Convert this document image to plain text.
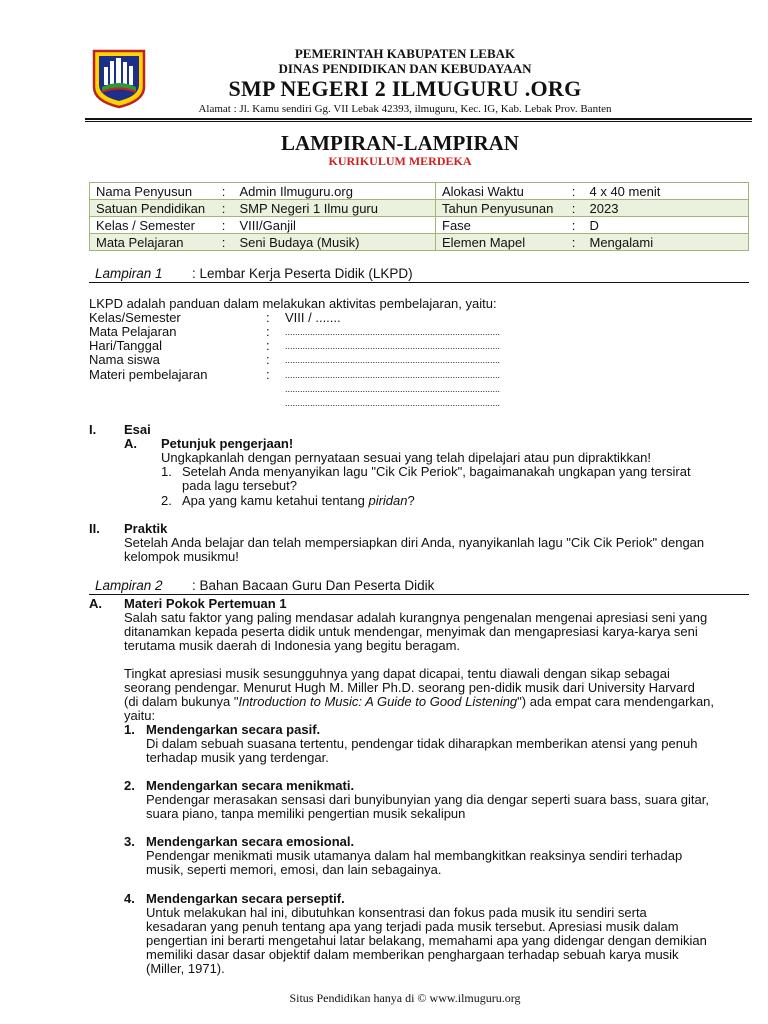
PEMERINTAH KABUPATEN LEBAK
DINAS PENDIDIKAN DAN KEBUDAYAAN
SMP NEGERI 2 ILMUGURU .ORG
Alamat : Jl. Kamu sendiri Gg. VII Lebak 42393, ilmuguru, Kec. IG, Kab. Lebak Prov. Banten
LAMPIRAN-LAMPIRAN
KURIKULUM MERDEKA
Nama Penyusun	:	Admin Ilmuguru.org	Alokasi Waktu	:	4 x 40 menit
Satuan Pendidikan	:	SMP Negeri 1 Ilmu guru	Tahun Penyusunan	:	2023
Kelas / Semester	:	VIII/Ganjil	Fase	:	D
Mata Pelajaran	:	Seni Budaya (Musik)	Elemen Mapel	:	Mengalami
Lampiran 1 : Lembar Kerja Peserta Didik (LKPD)
LKPD adalah panduan dalam melakukan aktivitas pembelajaran, yaitu:
Kelas/Semester	: VIII / .......
Mata Pelajaran	: ......................................................................................
Hari/Tanggal	: ......................................................................................
Nama siswa	: ......................................................................................
Materi pembelajaran	: ......................................................................................
......................................................................................
......................................................................................
I. Esai
A. Petunjuk pengerjaan!
Ungkapkanlah dengan pernyataan sesuai yang telah dipelajari atau pun dipraktikkan!
1. Setelah Anda menyanyikan lagu "Cik Cik Periok", bagaimanakah ungkapan yang tersirat
pada lagu tersebut?
2. Apa yang kamu ketahui tentang piridan?
II. Praktik
Setelah Anda belajar dan telah mempersiapkan diri Anda, nyanyikanlah lagu "Cik Cik Periok" dengan
kelompok musikmu!
Lampiran 2 : Bahan Bacaan Guru Dan Peserta Didik
A. Materi Pokok Pertemuan 1
Salah satu faktor yang paling mendasar adalah kurangnya pengenalan mengenai apresiasi seni yang
ditanamkan kepada peserta didik untuk mendengar, menyimak dan mengapresiasi karya-karya seni
terutama musik daerah di Indonesia yang begitu beragam.
Tingkat apresiasi musik sesungguhnya yang dapat dicapai, tentu diawali dengan sikap sebagai
seorang pendengar. Menurut Hugh M. Miller Ph.D. seorang pen-didik musik dari University Harvard
(di dalam bukunya "Introduction to Music: A Guide to Good Listening") ada empat cara mendengarkan,
yaitu:
1. Mendengarkan secara pasif.
Di dalam sebuah suasana tertentu, pendengar tidak diharapkan memberikan atensi yang penuh
terhadap musik yang terdengar.
2. Mendengarkan secara menikmati.
Pendengar merasakan sensasi dari bunyibunyian yang dia dengar seperti suara bass, suara gitar,
suara piano, tanpa memiliki pengertian musik sekalipun
3. Mendengarkan secara emosional.
Pendengar menikmati musik utamanya dalam hal membangkitkan reaksinya sendiri terhadap
musik, seperti memori, emosi, dan lain sebagainya.
4. Mendengarkan secara perseptif.
Untuk melakukan hal ini, dibutuhkan konsentrasi dan fokus pada musik itu sendiri serta
kesadaran yang penuh tentang apa yang terjadi pada musik tersebut. Apresiasi musik dalam
pengertian ini berarti mengetahui latar belakang, memahami apa yang didengar dengan demikian
memiliki dasar dasar objektif dalam memberikan penghargaan terhadap sebuah karya musik
(Miller, 1971).
Situs Pendidikan hanya di © www.ilmuguru.org
